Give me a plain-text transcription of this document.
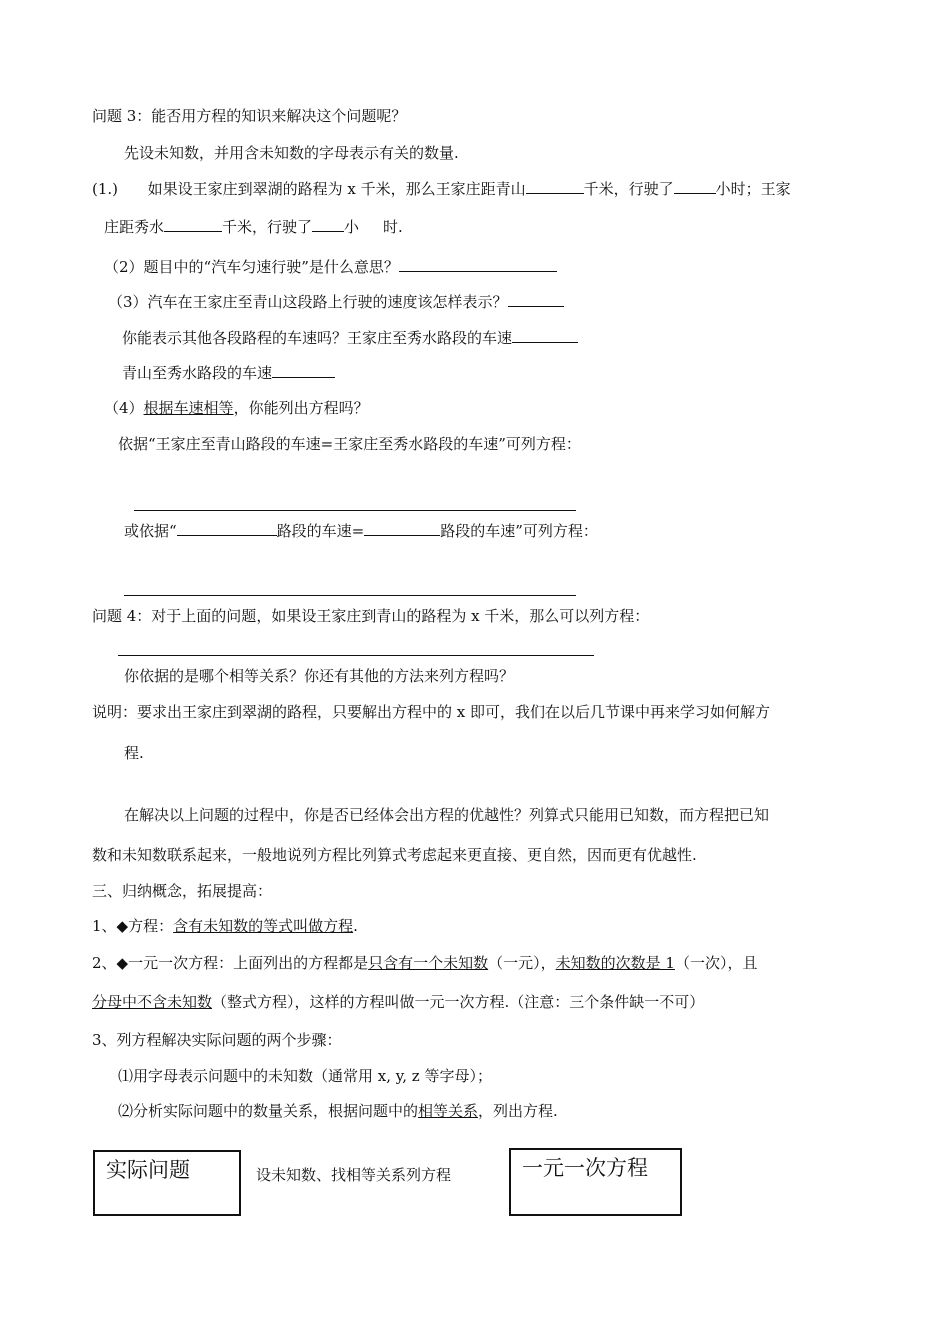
问题 3：能否用方程的知识来解决这个问题呢？
先设未知数，并用含未知数的字母表示有关的数量.
(1.) 如果设王家庄到翠湖的路程为 x 千米，那么王家庄距青山	千米，行驶了	小时；王家
庄距秀水	千米，行驶了 小 时.
（2）题目中的“汽车匀速行驶”是什么意思？
（3）汽车在王家庄至青山这段路上行驶的速度该怎样表示？
你能表示其他各段路程的车速吗？王家庄至秀水路段的车速
青山至秀水路段的车速
（4）根据车速相等，你能列出方程吗？
依据“王家庄至青山路段的车速=王家庄至秀水路段的车速”可列方程：
或依据“	路段的车速=	路段的车速”可列方程：
问题 4：对于上面的问题，如果设王家庄到青山的路程为 x 千米，那么可以列方程：
你依据的是哪个相等关系？你还有其他的方法来列方程吗？
说明：要求出王家庄到翠湖的路程，只要解出方程中的 x 即可，我们在以后几节课中再来学习如何解方
程.
在解决以上问题的过程中，你是否已经体会出方程的优越性？列算式只能用已知数，而方程把已知
数和未知数联系起来，一般地说列方程比列算式考虑起来更直接、更自然，因而更有优越性.
三、归纳概念，拓展提高：
1、◆方程：含有未知数的等式叫做方程.
2、◆一元一次方程：上面列出的方程都是只含有一个未知数（一元），未知数的次数是 1（一次），且
分母中不含未知数（整式方程），这样的方程叫做一元一次方程.（注意：三个条件缺一不可）
3、列方程解决实际问题的两个步骤：
⑴用字母表示问题中的未知数（通常用 x, y, z 等字母）；
⑵分析实际问题中的数量关系，根据问题中的相等关系，列出方程.
实际问题	设未知数、找相等关系列方程	一元一次方程
